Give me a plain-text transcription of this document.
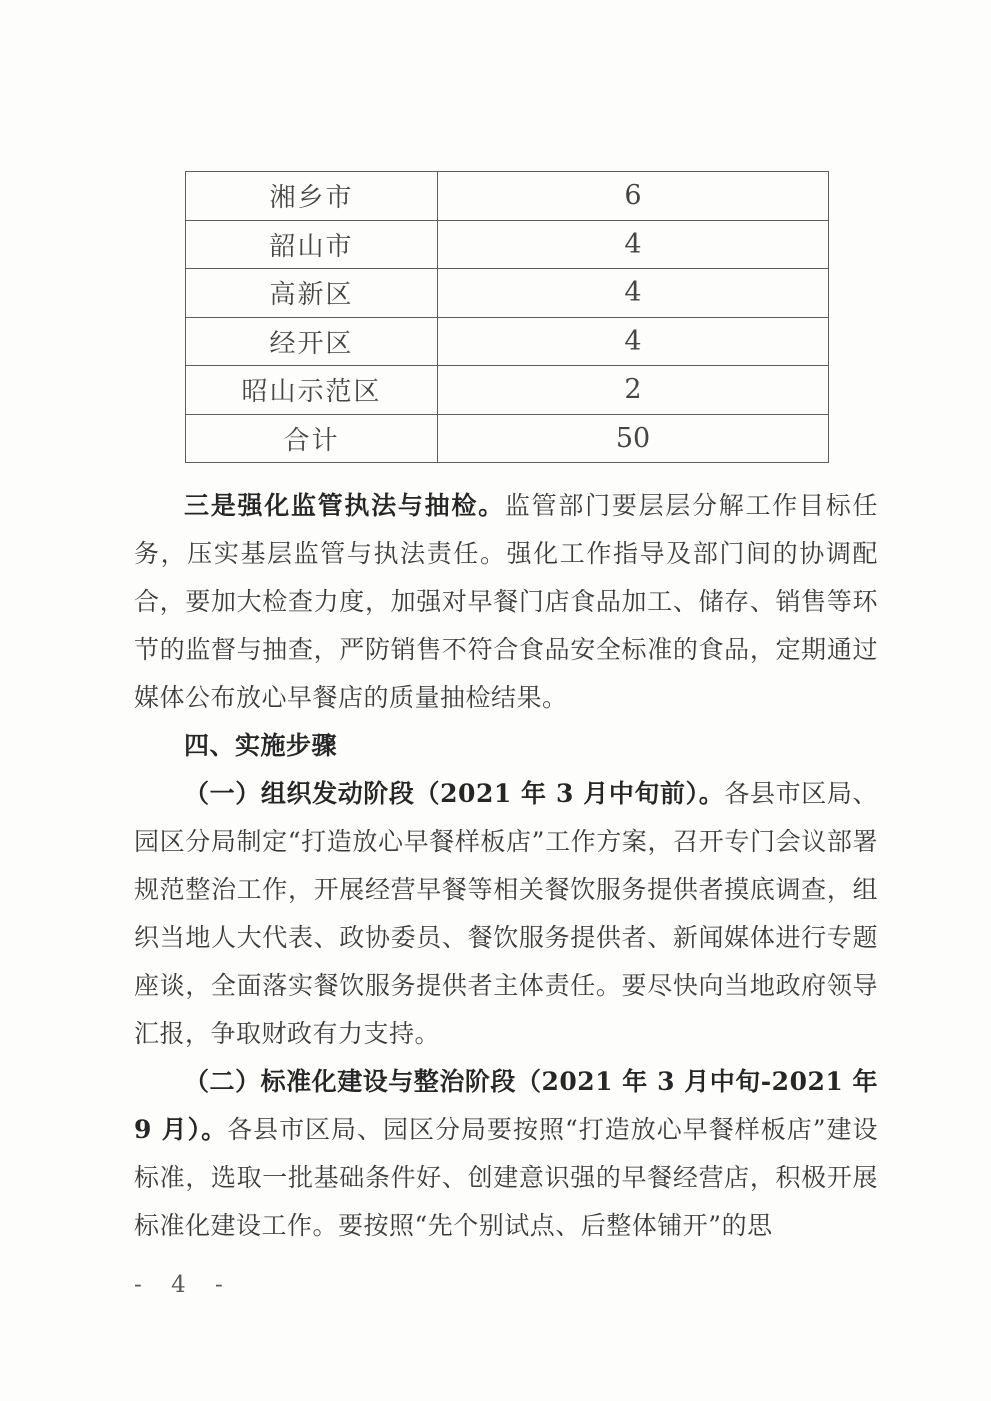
湘乡市	6
韶山市	4
高新区	4
经开区	4
昭山示范区	2
合计	50

三是强化监管执法与抽检。监管部门要层层分解工作目标任务，压实基层监管与执法责任。强化工作指导及部门间的协调配合，要加大检查力度，加强对早餐门店食品加工、储存、销售等环节的监督与抽查，严防销售不符合食品安全标准的食品，定期通过媒体公布放心早餐店的质量抽检结果。

四、实施步骤

（一）组织发动阶段（2021 年 3 月中旬前）。各县市区局、园区分局制定“打造放心早餐样板店”工作方案，召开专门会议部署规范整治工作，开展经营早餐等相关餐饮服务提供者摸底调查，组织当地人大代表、政协委员、餐饮服务提供者、新闻媒体进行专题座谈，全面落实餐饮服务提供者主体责任。要尽快向当地政府领导汇报，争取财政有力支持。

（二）标准化建设与整治阶段（2021 年 3 月中旬-2021 年 9 月）。各县市区局、园区分局要按照“打造放心早餐样板店”建设标准，选取一批基础条件好、创建意识强的早餐经营店，积极开展标准化建设工作。要按照“先个别试点、后整体铺开”的思

- 4 -
